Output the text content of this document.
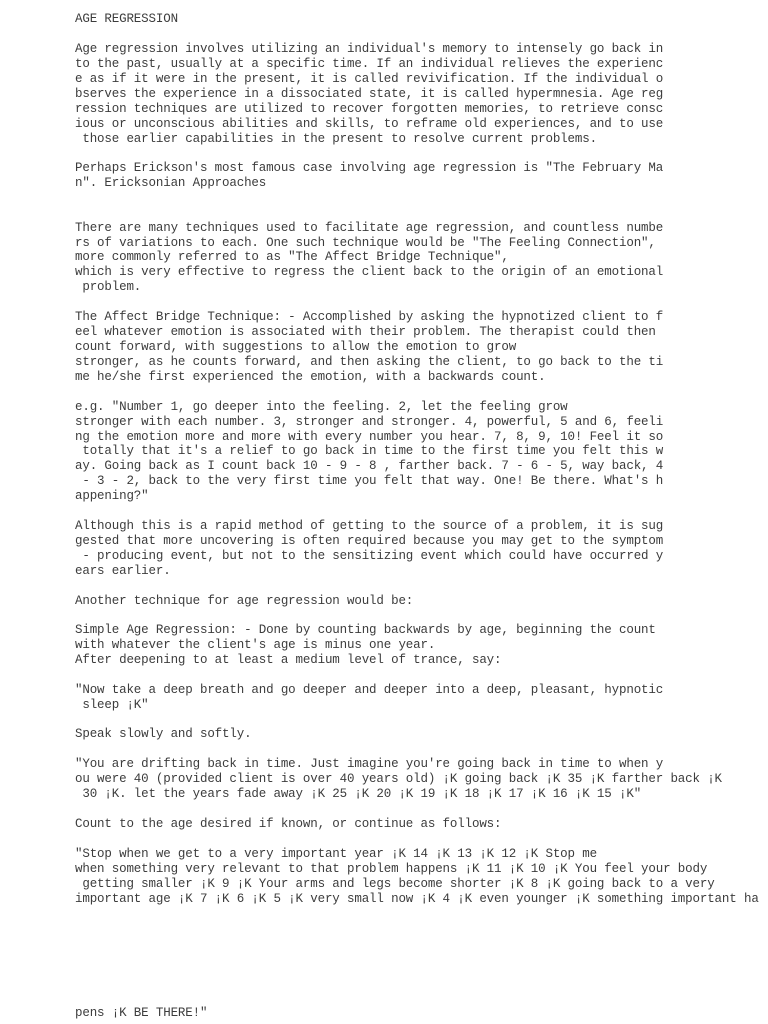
AGE REGRESSION

Age regression involves utilizing an individual's memory to intensely go back in

to the past, usually at a specific time. If an individual relieves the experienc

e as if it were in the present, it is called revivification. If the individual o

bserves the experience in a dissociated state, it is called hypermnesia. Age reg

ression techniques are utilized to recover forgotten memories, to retrieve consc

ious or unconscious abilities and skills, to reframe old experiences, and to use

those earlier capabilities in the present to resolve current problems.

Perhaps Erickson's most famous case involving age regression is "The February Ma

n". Ericksonian Approaches

There are many techniques used to facilitate age regression, and countless numbe

rs of variations to each. One such technique would be "The Feeling Connection",

more commonly referred to as "The Affect Bridge Technique",

which is very effective to regress the client back to the origin of an emotional

problem.

The Affect Bridge Technique: - Accomplished by asking the hypnotized client to f

eel whatever emotion is associated with their problem. The therapist could then

count forward, with suggestions to allow the emotion to grow

stronger, as he counts forward, and then asking the client, to go back to the ti

me he/she first experienced the emotion, with a backwards count.

e.g. "Number 1, go deeper into the feeling. 2, let the feeling grow

stronger with each number. 3, stronger and stronger. 4, powerful, 5 and 6, feeli

ng the emotion more and more with every number you hear. 7, 8, 9, 10! Feel it so

totally that it's a relief to go back in time to the first time you felt this w

ay. Going back as I count back 10 - 9 - 8 , farther back. 7 - 6 - 5, way back, 4

- 3 - 2, back to the very first time you felt that way. One! Be there. What's h

appening?"

Although this is a rapid method of getting to the source of a problem, it is sug

gested that more uncovering is often required because you may get to the symptom

- producing event, but not to the sensitizing event which could have occurred y

ears earlier.

Another technique for age regression would be:

Simple Age Regression: - Done by counting backwards by age, beginning the count

with whatever the client's age is minus one year.

After deepening to at least a medium level of trance, say:

"Now take a deep breath and go deeper and deeper into a deep, pleasant, hypnotic

sleep ¡K"

Speak slowly and softly.

"You are drifting back in time. Just imagine you're going back in time to when y

ou were 40 (provided client is over 40 years old) ¡K going back ¡K 35 ¡K farther back ¡K

30 ¡K. let the years fade away ¡K 25 ¡K 20 ¡K 19 ¡K 18 ¡K 17 ¡K 16 ¡K 15 ¡K"

Count to the age desired if known, or continue as follows:

"Stop when we get to a very important year ¡K 14 ¡K 13 ¡K 12 ¡K Stop me

when something very relevant to that problem happens ¡K 11 ¡K 10 ¡K You feel your body

getting smaller ¡K 9 ¡K Your arms and legs become shorter ¡K 8 ¡K going back to a very

important age ¡K 7 ¡K 6 ¡K 5 ¡K very small now ¡K 4 ¡K even younger ¡K something important ha

pens ¡K BE THERE!"
